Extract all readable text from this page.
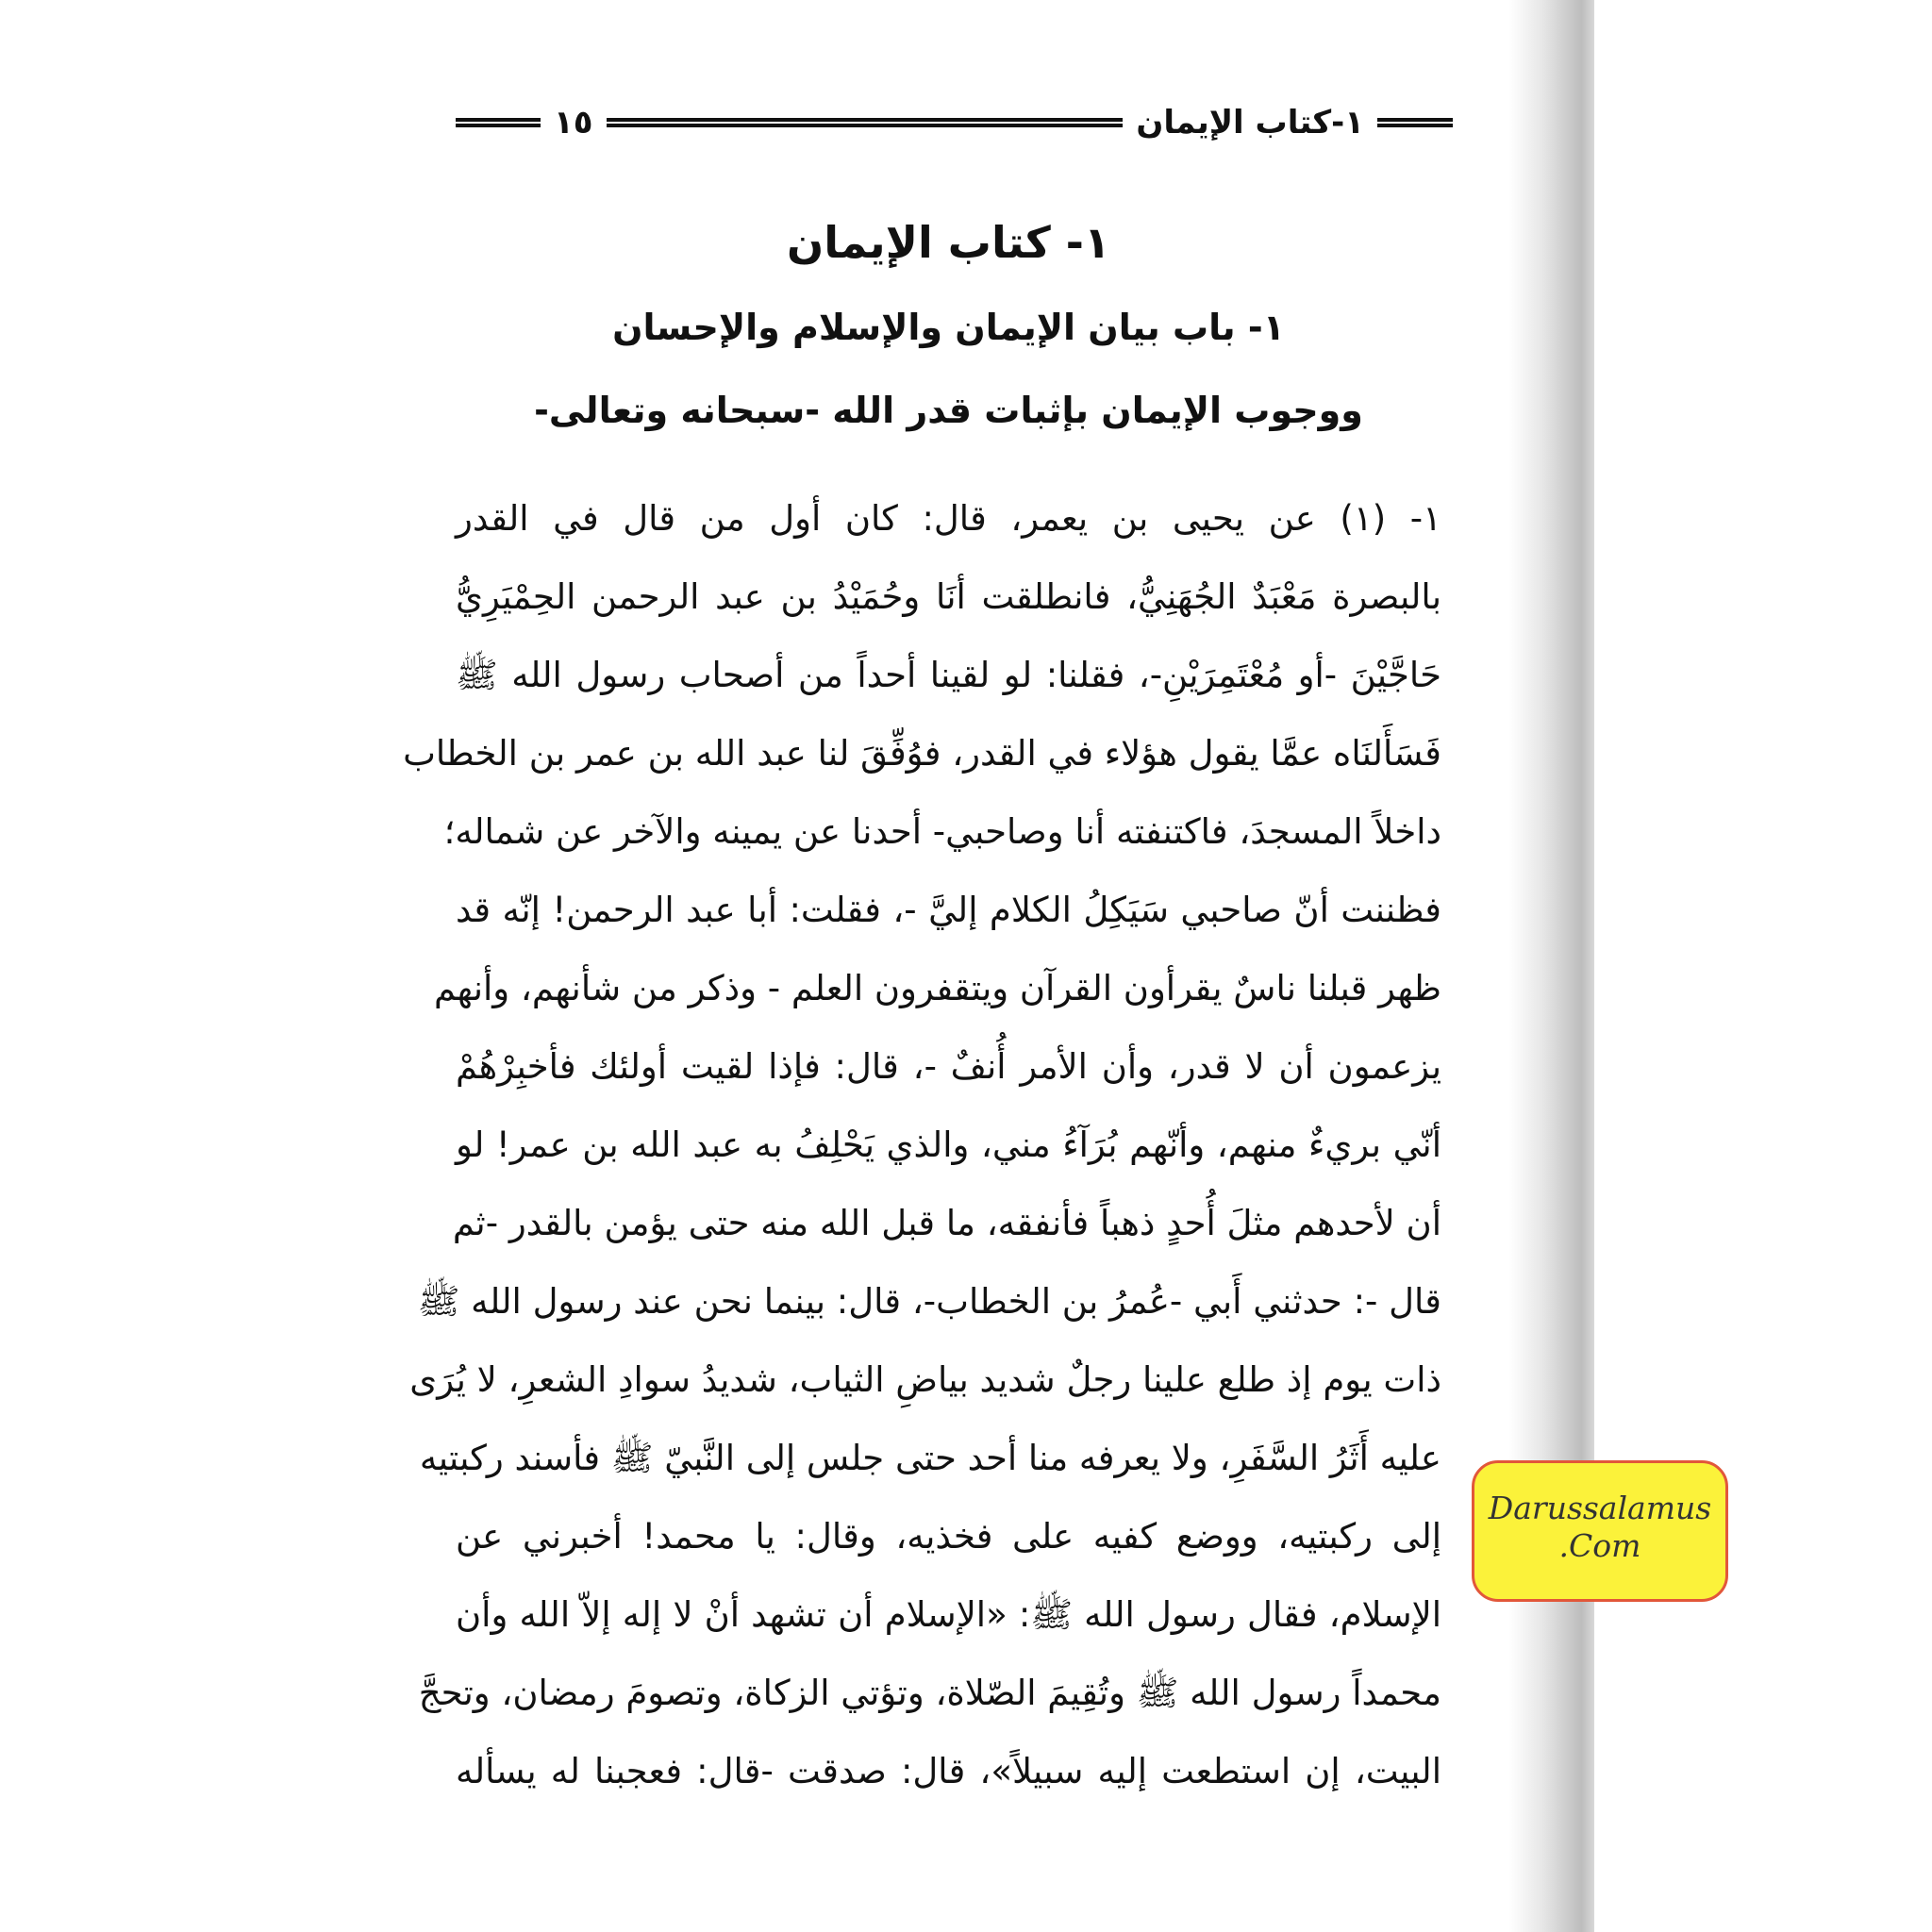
١-كتاب الإيمان
١٥
١- كتاب الإيمان
١- باب بيان الإيمان والإسلام والإحسان
ووجوب الإيمان بإثبات قدر الله -سبحانه وتعالى-
١- (١) عن يحيى بن يعمر، قال: كان أول من قال في القدر
بالبصرة مَعْبَدٌ الجُهَنِيُّ، فانطلقت أنَا وحُمَيْدُ بن عبد الرحمن الحِمْيَرِيُّ
حَاجَّيْنَ -أو مُعْتَمِرَيْنِ-، فقلنا: لو لقينا أحداً من أصحاب رسول الله ﷺ
فَسَأَلنَاه عمَّا يقول هؤلاء في القدر، فوُفِّقَ لنا عبد الله بن عمر بن الخطاب
داخلاً المسجدَ، فاكتنفته أنا وصاحبي- أحدنا عن يمينه والآخر عن شماله؛
فظننت أنّ صاحبي سَيَكِلُ الكلام إليَّ -، فقلت: أبا عبد الرحمن! إنّه قد
ظهر قبلنا ناسٌ يقرأون القرآن ويتقفرون العلم - وذكر من شأنهم، وأنهم
يزعمون أن لا قدر، وأن الأمر أُنفٌ -، قال: فإذا لقيت أولئك فأخبِرْهُمْ
أنّي بريءٌ منهم، وأنّهم بُرَآءُ مني، والذي يَحْلِفُ به عبد الله بن عمر! لو
أن لأحدهم مثلَ أُحدٍ ذهباً فأنفقه، ما قبل الله منه حتى يؤمن بالقدر -ثم
قال -: حدثني أَبي -عُمرُ بن الخطاب-، قال: بينما نحن عند رسول الله ﷺ
ذات يوم إذ طلع علينا رجلٌ شديد بياضِ الثياب، شديدُ سوادِ الشعرِ، لا يُرَى
عليه أَثَرُ السَّفَرِ، ولا يعرفه منا أحد حتى جلس إلى النَّبيّ ﷺ فأسند ركبتيه
إلى ركبتيه، ووضع كفيه على فخذيه، وقال: يا محمد! أخبرني عن
الإسلام، فقال رسول الله ﷺ: «الإسلام أن تشهد أنْ لا إله إلاّ الله وأن
محمداً رسول الله ﷺ وتُقِيمَ الصّلاة، وتؤتي الزكاة، وتصومَ رمضان، وتحجَّ
البيت، إن استطعت إليه سبيلاً»، قال: صدقت -قال: فعجبنا له يسأله
Darussalamus
.Com
